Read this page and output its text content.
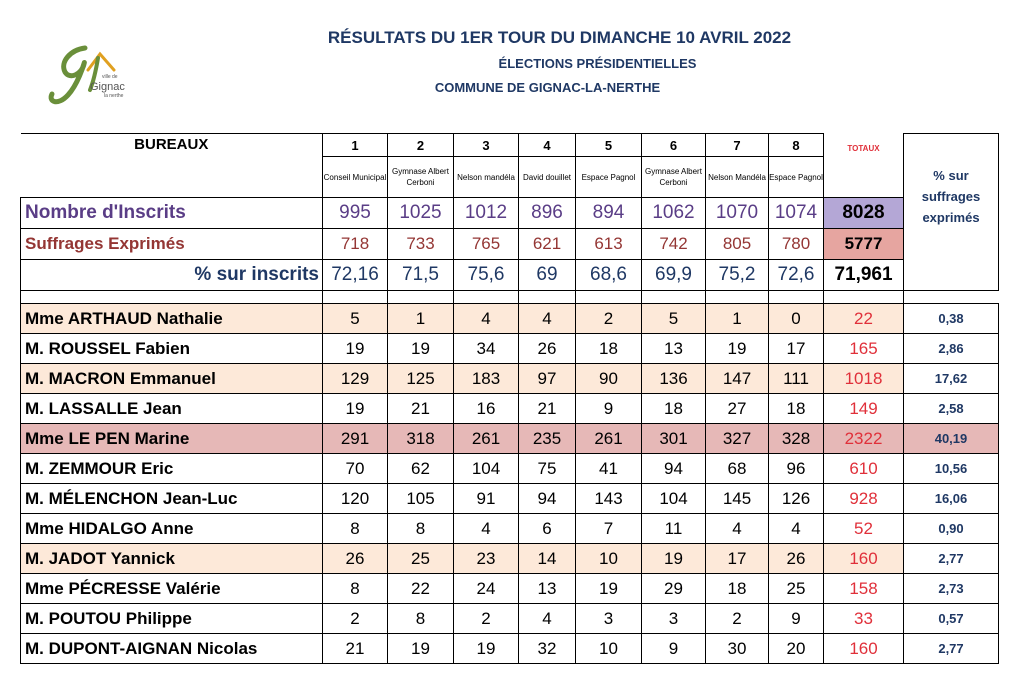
ville de
Gignac
la nerthe
RÉSULTATS DU 1ER TOUR DU DIMANCHE 10 AVRIL 2022
ÉLECTIONS PRÉSIDENTIELLES
COMMUNE DE GIGNAC-LA-NERTHE
BUREAUX	1	2	3	4	5	6	7	8	TOTAUX	% sur suffrages exprimés
	Conseil Municipal	Gymnase Albert Cerboni	Nelson mandéla	David douillet	Espace Pagnol	Gymnase Albert Cerboni	Nelson Mandéla	Espace Pagnol		
Nombre d'Inscrits	995	1025	1012	896	894	1062	1070	1074	8028	
Suffrages Exprimés	718	733	765	621	613	742	805	780	5777	
% sur inscrits	72,16	71,5	75,6	69	68,6	69,9	75,2	72,6	71,961	

Mme ARTHAUD Nathalie	5	1	4	4	2	5	1	0	22	0,38
M. ROUSSEL Fabien	19	19	34	26	18	13	19	17	165	2,86
M. MACRON Emmanuel	129	125	183	97	90	136	147	111	1018	17,62
M. LASSALLE Jean	19	21	16	21	9	18	27	18	149	2,58
Mme LE PEN Marine	291	318	261	235	261	301	327	328	2322	40,19
M. ZEMMOUR Eric	70	62	104	75	41	94	68	96	610	10,56
M. MÉLENCHON Jean-Luc	120	105	91	94	143	104	145	126	928	16,06
Mme HIDALGO Anne	8	8	4	6	7	11	4	4	52	0,90
M. JADOT Yannick	26	25	23	14	10	19	17	26	160	2,77
Mme PÉCRESSE Valérie	8	22	24	13	19	29	18	25	158	2,73
M. POUTOU Philippe	2	8	2	4	3	3	2	9	33	0,57
M. DUPONT-AIGNAN Nicolas	21	19	19	32	10	9	30	20	160	2,77
